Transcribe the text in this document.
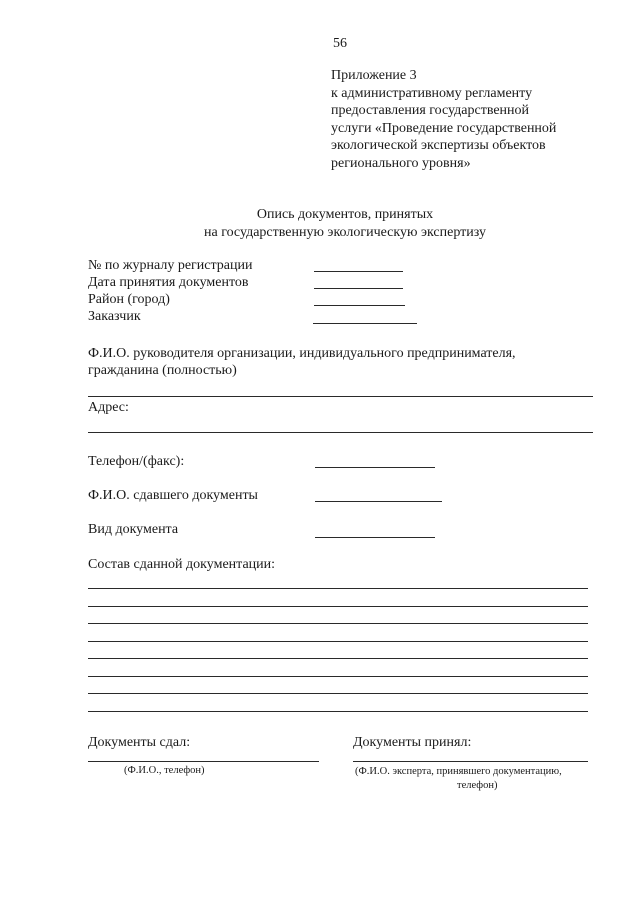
56
Приложение 3
к административному регламенту
предоставления государственной
услуги «Проведение государственной
экологической экспертизы объектов
регионального уровня»
Опись документов, принятых
на государственную экологическую экспертизу
№ по журналу регистрации
Дата принятия документов
Район (город)
Заказчик
Ф.И.О. руководителя организации, индивидуального предпринимателя,
гражданина (полностью)
Адрес:
Телефон/(факс):
Ф.И.О. сдавшего документы
Вид документа
Состав сданной документации:
Документы сдал:
(Ф.И.О., телефон)
Документы принял:
(Ф.И.О. эксперта, принявшего документацию,
телефон)
